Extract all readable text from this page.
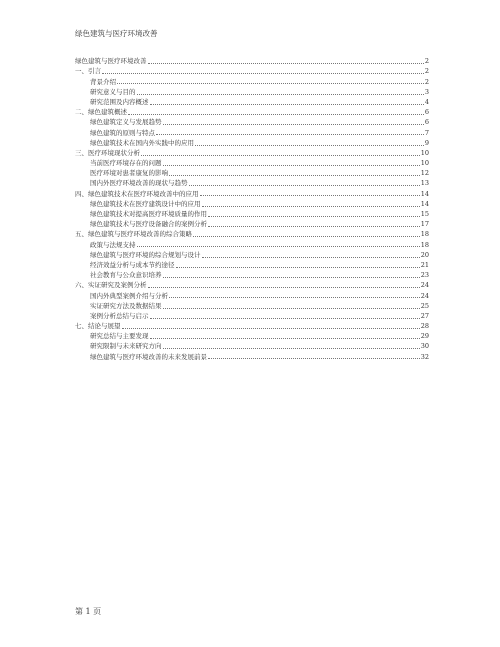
绿色建筑与医疗环境改善
绿色建筑与医疗环境改善	2
一、引言	2
背景介绍	2
研究意义与目的	3
研究范围及内容概述	4
二、绿色建筑概述	6
绿色建筑定义与发展趋势	6
绿色建筑的原则与特点	7
绿色建筑技术在国内外实践中的应用	9
三、医疗环境现状分析	10
当前医疗环境存在的问题	10
医疗环境对患者康复的影响	12
国内外医疗环境改善的现状与趋势	13
四、绿色建筑技术在医疗环境改善中的应用	14
绿色建筑技术在医疗建筑设计中的应用	14
绿色建筑技术对提高医疗环境质量的作用	15
绿色建筑技术与医疗设备融合的案例分析	17
五、绿色建筑与医疗环境改善的综合策略	18
政策与法规支持	18
绿色建筑与医疗环境的综合规划与设计	20
经济效益分析与成本节约途径	21
社会教育与公众意识培养	23
六、实证研究及案例分析	24
国内外典型案例介绍与分析	24
实证研究方法及数据结果	25
案例分析总结与启示	27
七、结论与展望	28
研究总结与主要发现	29
研究限制与未来研究方向	30
绿色建筑与医疗环境改善的未来发展前景	32
第 1 页
